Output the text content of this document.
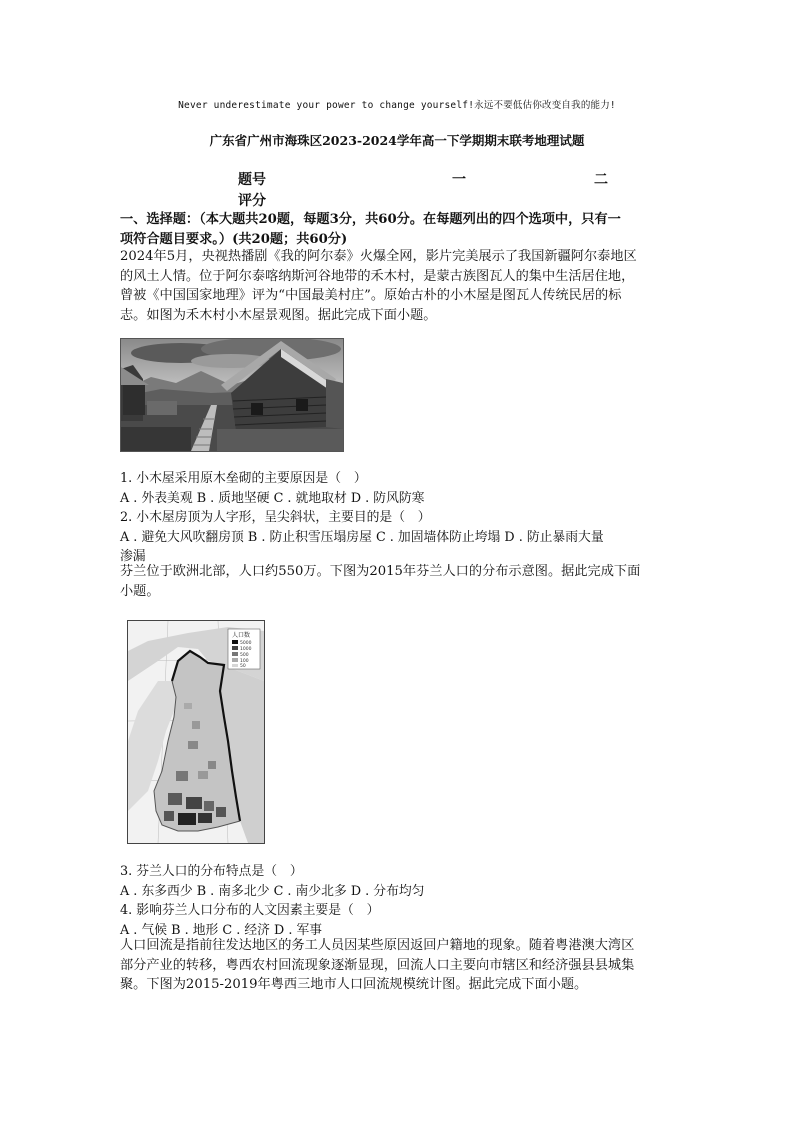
Never underestimate your power to change yourself!永远不要低估你改变自我的能力!
广东省广州市海珠区2023-2024学年高一下学期期末联考地理试题
题号	一	二
评分
一、选择题：（本大题共20题，每题3分，共60分。在每题列出的四个选项中，只有一
项符合题目要求。）(共20题；共60分)
2024年5月，央视热播剧《我的阿尔泰》火爆全网，影片完美展示了我国新疆阿尔泰地区
的风土人情。位于阿尔泰喀纳斯河谷地带的禾木村，是蒙古族图瓦人的集中生活居住地，
曾被《中国国家地理》评为“中国最美村庄”。原始古朴的小木屋是图瓦人传统民居的标
志。如图为禾木村小木屋景观图。据此完成下面小题。
1. 小木屋采用原木垒砌的主要原因是（　）
A . 外表美观 B . 质地坚硬 C . 就地取材 D . 防风防寒
2. 小木屋房顶为人字形，呈尖斜状，主要目的是（　）
A . 避免大风吹翻房顶 B . 防止积雪压塌房屋 C . 加固墙体防止垮塌 D . 防止暴雨大量
渗漏
芬兰位于欧洲北部，人口约550万。下图为2015年芬兰人口的分布示意图。据此完成下面
小题。
人口数
5000
1000
500
100
50
3. 芬兰人口的分布特点是（　）
A . 东多西少 B . 南多北少 C . 南少北多 D . 分布均匀
4. 影响芬兰人口分布的人文因素主要是（　）
A . 气候 B . 地形 C . 经济 D . 军事
人口回流是指前往发达地区的务工人员因某些原因返回户籍地的现象。随着粤港澳大湾区
部分产业的转移，粤西农村回流现象逐渐显现，回流人口主要向市辖区和经济强县县城集
聚。下图为2015-2019年粤西三地市人口回流规模统计图。据此完成下面小题。
